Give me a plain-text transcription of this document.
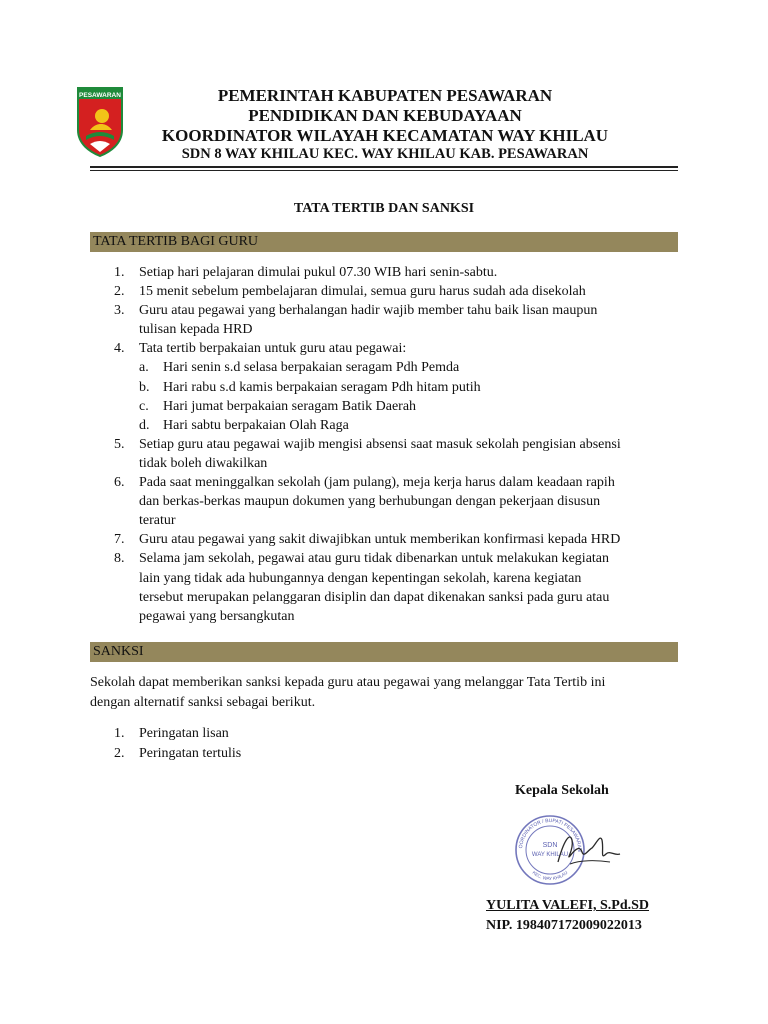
PESAWARAN	PEMERINTAH KABUPATEN PESAWARAN
PENDIDIKAN DAN KEBUDAYAAN
KOORDINATOR WILAYAH KECAMATAN WAY KHILAU
SDN 8 WAY KHILAU KEC. WAY KHILAU KAB. PESAWARAN
TATA TERTIB DAN SANKSI
TATA TERTIB BAGI GURU
1. Setiap hari pelajaran dimulai pukul 07.30 WIB hari senin-sabtu.
2. 15 menit sebelum pembelajaran dimulai, semua guru harus sudah ada disekolah
3. Guru atau pegawai yang berhalangan hadir wajib member tahu baik lisan maupun
tulisan kepada HRD
4. Tata tertib berpakaian untuk guru atau pegawai:
a. Hari senin s.d selasa berpakaian seragam Pdh Pemda
b. Hari rabu s.d kamis berpakaian seragam Pdh hitam putih
c. Hari jumat berpakaian seragam Batik Daerah
d. Hari sabtu berpakaian Olah Raga
5. Setiap guru atau pegawai wajib mengisi absensi saat masuk sekolah pengisian absensi
tidak boleh diwakilkan
6. Pada saat meninggalkan sekolah (jam pulang), meja kerja harus dalam keadaan rapih
dan berkas-berkas maupun dokumen yang berhubungan dengan pekerjaan disusun
teratur
7. Guru atau pegawai yang sakit diwajibkan untuk memberikan konfirmasi kepada HRD
8. Selama jam sekolah, pegawai atau guru tidak dibenarkan untuk melakukan kegiatan
lain yang tidak ada hubungannya dengan kepentingan sekolah, karena kegiatan
tersebut merupakan pelanggaran disiplin dan dapat dikenakan sanksi pada guru atau
pegawai yang bersangkutan
SANKSI
Sekolah dapat memberikan sanksi kepada guru atau pegawai yang melanggar Tata Tertib ini
dengan alternatif sanksi sebagai berikut.
1. Peringatan lisan
2. Peringatan tertulis
Kepala Sekolah
OORDINATOR / BUPATI PESAWARAN
KEC. WAY KHILAU
SDN
WAY KHILAU
YULITA VALEFI, S.Pd.SD
NIP. 198407172009022013
